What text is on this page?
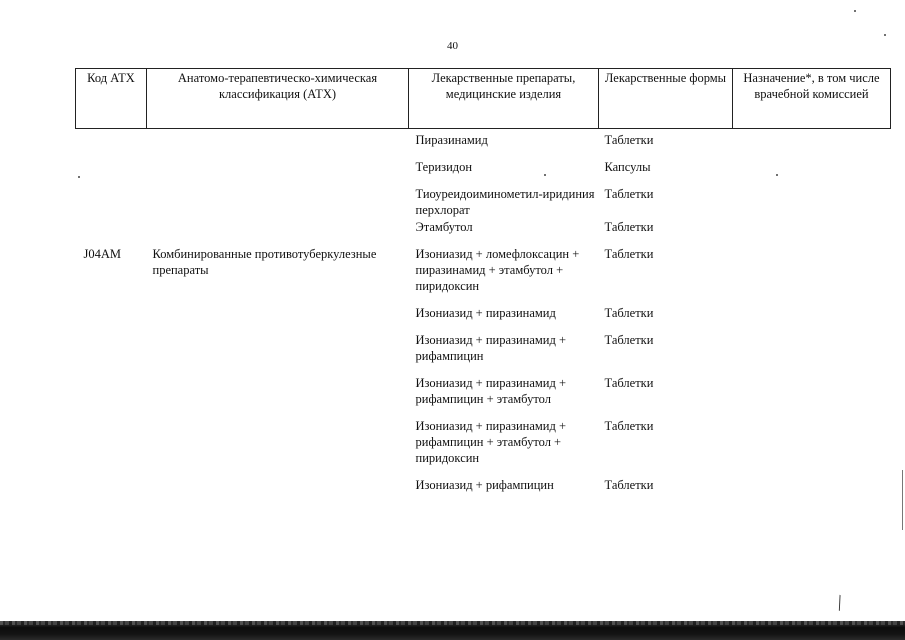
40
Код АТХ	Анатомо-терапевтическо-химическая классификация (АТХ)	Лекарственные препараты, медицинские изделия	Лекарственные формы	Назначение*, в том числе врачебной комиссией
		Пиразинамид	Таблетки	
		Теризидон	Капсулы	
		Тиоуреидоиминометил-иридиния перхлорат	Таблетки	
		Этамбутол	Таблетки	
J04AM	Комбинированные противотуберкулезные препараты	Изониазид + ломефлоксацин + пиразинамид + этамбутол + пиридоксин	Таблетки	
		Изониазид + пиразинамид	Таблетки	
		Изониазид + пиразинамид + рифампицин	Таблетки	
		Изониазид + пиразинамид + рифампицин + этамбутол	Таблетки	
		Изониазид + пиразинамид + рифампицин + этамбутол + пиридоксин	Таблетки	
		Изониазид + рифампицин	Таблетки	
╲
